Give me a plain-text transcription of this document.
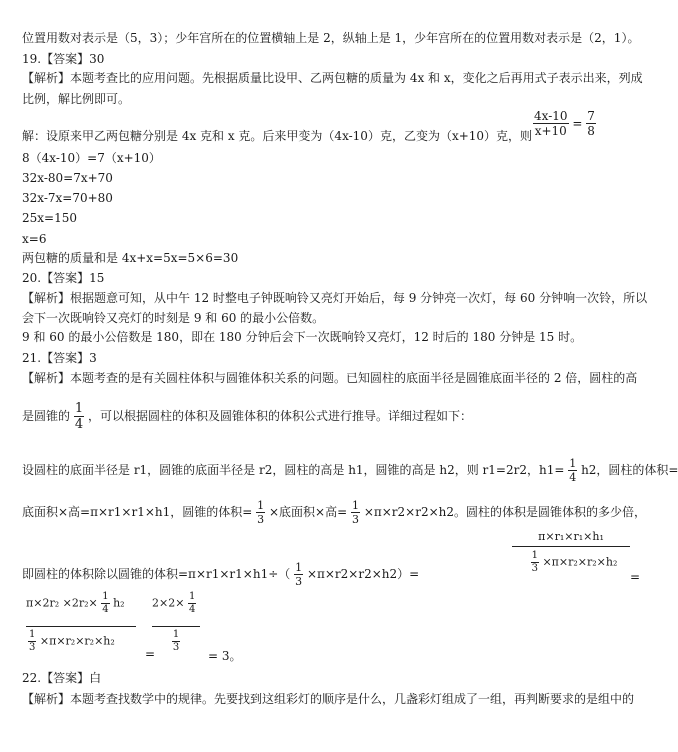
位置用数对表示是（5，3）；少年宫所在的位置横轴上是 2，纵轴上是 1，少年宫所在的位置用数对表示是（2，1）。
19.【答案】30
【解析】本题考查比的应用问题。先根据质量比设甲、乙两包糖的质量为 4x 和 x，变化之后再用式子表示出来，列成
比例，解比例即可。
解：设原来甲乙两包糖分别是 4x 克和 x 克。后来甲变为（4x-10）克，乙变为（x+10）克，则 $\frac{4x-10}{x+10} = \frac{7}{8}$
8（4x-10）=7（x+10）
32x-80=7x+70
32x-7x=70+80
25x=150
x=6
两包糖的质量和是 4x+x=5x=5×6=30
20.【答案】15
【解析】根据题意可知，从中午 12 时整电子钟既响铃又亮灯开始后，每 9 分钟亮一次灯，每 60 分钟响一次铃，所以
会下一次既响铃又亮灯的时刻是 9 和 60 的最小公倍数。
9 和 60 的最小公倍数是 180，即在 180 分钟后会下一次既响铃又亮灯，12 时后的 180 分钟是 15 时。
21.【答案】3
【解析】本题考查的是有关圆柱体积与圆锥体积关系的问题。已知圆柱的底面半径是圆锥底面半径的 2 倍，圆柱的高
是圆锥的 $\frac{1}{4}$ ，可以根据圆柱的体积及圆锥体积的体积公式进行推导。详细过程如下：
设圆柱的底面半径是 r1，圆锥的底面半径是 r2，圆柱的高是 h1，圆锥的高是 h2，则 r1=2r2，$h1= \frac{1}{4} h2$，圆柱的体积=
底面积×高=π×r1×r1×h1，圆锥的体积= $\frac{1}{3}$ ×底面积×高= $\frac{1}{3} \times\pi\times r2\times r2\times h2$。圆柱的体积是圆锥体积的多少倍，
即圆柱的体积除以圆锥的体积$=\pi\times r1\times r1\times h1\div( \frac{1}{3} \times\pi\times r2\times r2\times h2)=$
π×r₁×r₁×h₁
$\frac{1}{3} \times\pi\times r_2\times r_2\times h_2$
=
$\pi\times 2r_2 \times 2r_2\times \frac{1}{4} h_2$
$\frac{1}{3} \times\pi\times r_2\times r_2\times h_2$
=
$2\times 2\times \frac{1}{4}$
$\frac{1}{3}$
= 3。
22.【答案】白
【解析】本题考查找数学中的规律。先要找到这组彩灯的顺序是什么，几盏彩灯组成了一组，再判断要求的是组中的
